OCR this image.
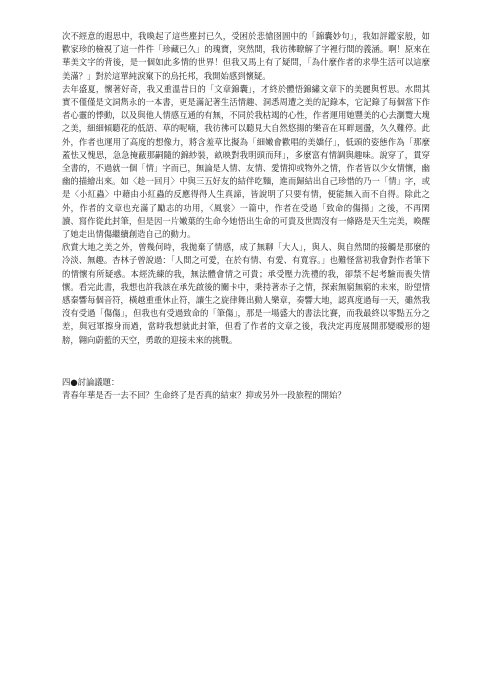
次不經意的遐思中，我喚起了這些塵封已久，受困於悲愴囹圄中的「錦囊妙句」，我如評鑑家般，如歡家珍的檢視了這一件件「珍藏已久」的瑰寶，突然間，我彷彿瞭解了字裡行間的義涵。啊！原來在華美文字的背後，是一個如此多情的世界！但我又馬上有了疑問，「為什麼作者的求學生活可以這麼美滿？」對於這單純淚窠下的烏托邦，我開始感到懷疑。

去年盛夏，懷著好奇，我又重溫昔日的「文章錦囊」，才終於體悟錦繡文章下的美麗與哲思。水問其實不僅僅是文詞雋永的一本書，更是滿記著生活情趣、洞悉周遭之美的記錄本，它記錄了每個當下作者心靈的悸動，以及與他人情感互通的有無，不同於我枯竭的心性，作者運用她豐美的心去瀏覽大塊之美，細細傾聽花的低語、草的呢喃，我彷彿可以聽見大自然悠揚的樂音在耳畔迴盪，久久難停。此外，作者也運用了高度的想像力，將含羞草比擬為「細嫩會歡唱的美嬌仔」，低頭的姿態作為「那麼蓋怯又愧思，急急掩蔽那嗣隨的錦紗裝，畝映對我明頭而拜」，多麼富有情調與趣味。說穿了，貫穿全書的，不過就一個「情」字而已，無論是人情、友情、愛情抑或物外之情，作者皆以少女情懷，幽幽的描繪出來。如〈趁一回月〉中與三五好友的結伴吃麵，進而歸結出自己珍惜的乃一「情」字，或是〈小紅蟲〉中藉由小紅蟲的反應得得人生真諦，皆說明了只要有情，便能無入而不自得。除此之外，作者的文章也充滿了勵志的功用，〈風裳〉一篇中，作者在受過「致命的傷揚」之後，不再閑讀、寫作從此封筆，但是因一片嫩葉的生命今她悟出生命的可貴及世間沒有一條路是天生完美，喚醒了她走出情傷繼續創造自己的動力。

欣賞大地之美之外，曾幾何時，我拋棄了情感，成了無聊「大人」，與人、與自然間的接觸是那麼的冷淡、無趣。杏林子曾說過：「人間之可愛，在於有情、有愛、有寬容。」也難怪當初我會對作者筆下的情懷有所疑惑。本經洗練的我，無法體會情之可貴；承受壓力洗禮的我，卻禁不起考驗而喪失情懷。看完此書，我想也許我該在承先啟後的關卡中，秉持著赤子之情，探索無窮無窮的未來，盼望情感秦響每個音符，橫越重重休止符，讓生之旋律舞出動人樂章，奏響大地，認真度過每一天，雖然我沒有受過「傷傷」，但我也有受過致命的「筆傷」，那是一場盛大的書法比賽，而我最終以零點五分之差，與冠軍擦身而過，當時我想就此封筆，但看了作者的文章之後，我決定再度展開那變曖形的翅膀，翱向蔚藍的天空，勇敢的迎接未來的挑戰。

四●討論議題：

青春年華是否一去不回？生命終了是否真的結束？抑或另外一段旅程的開始？
